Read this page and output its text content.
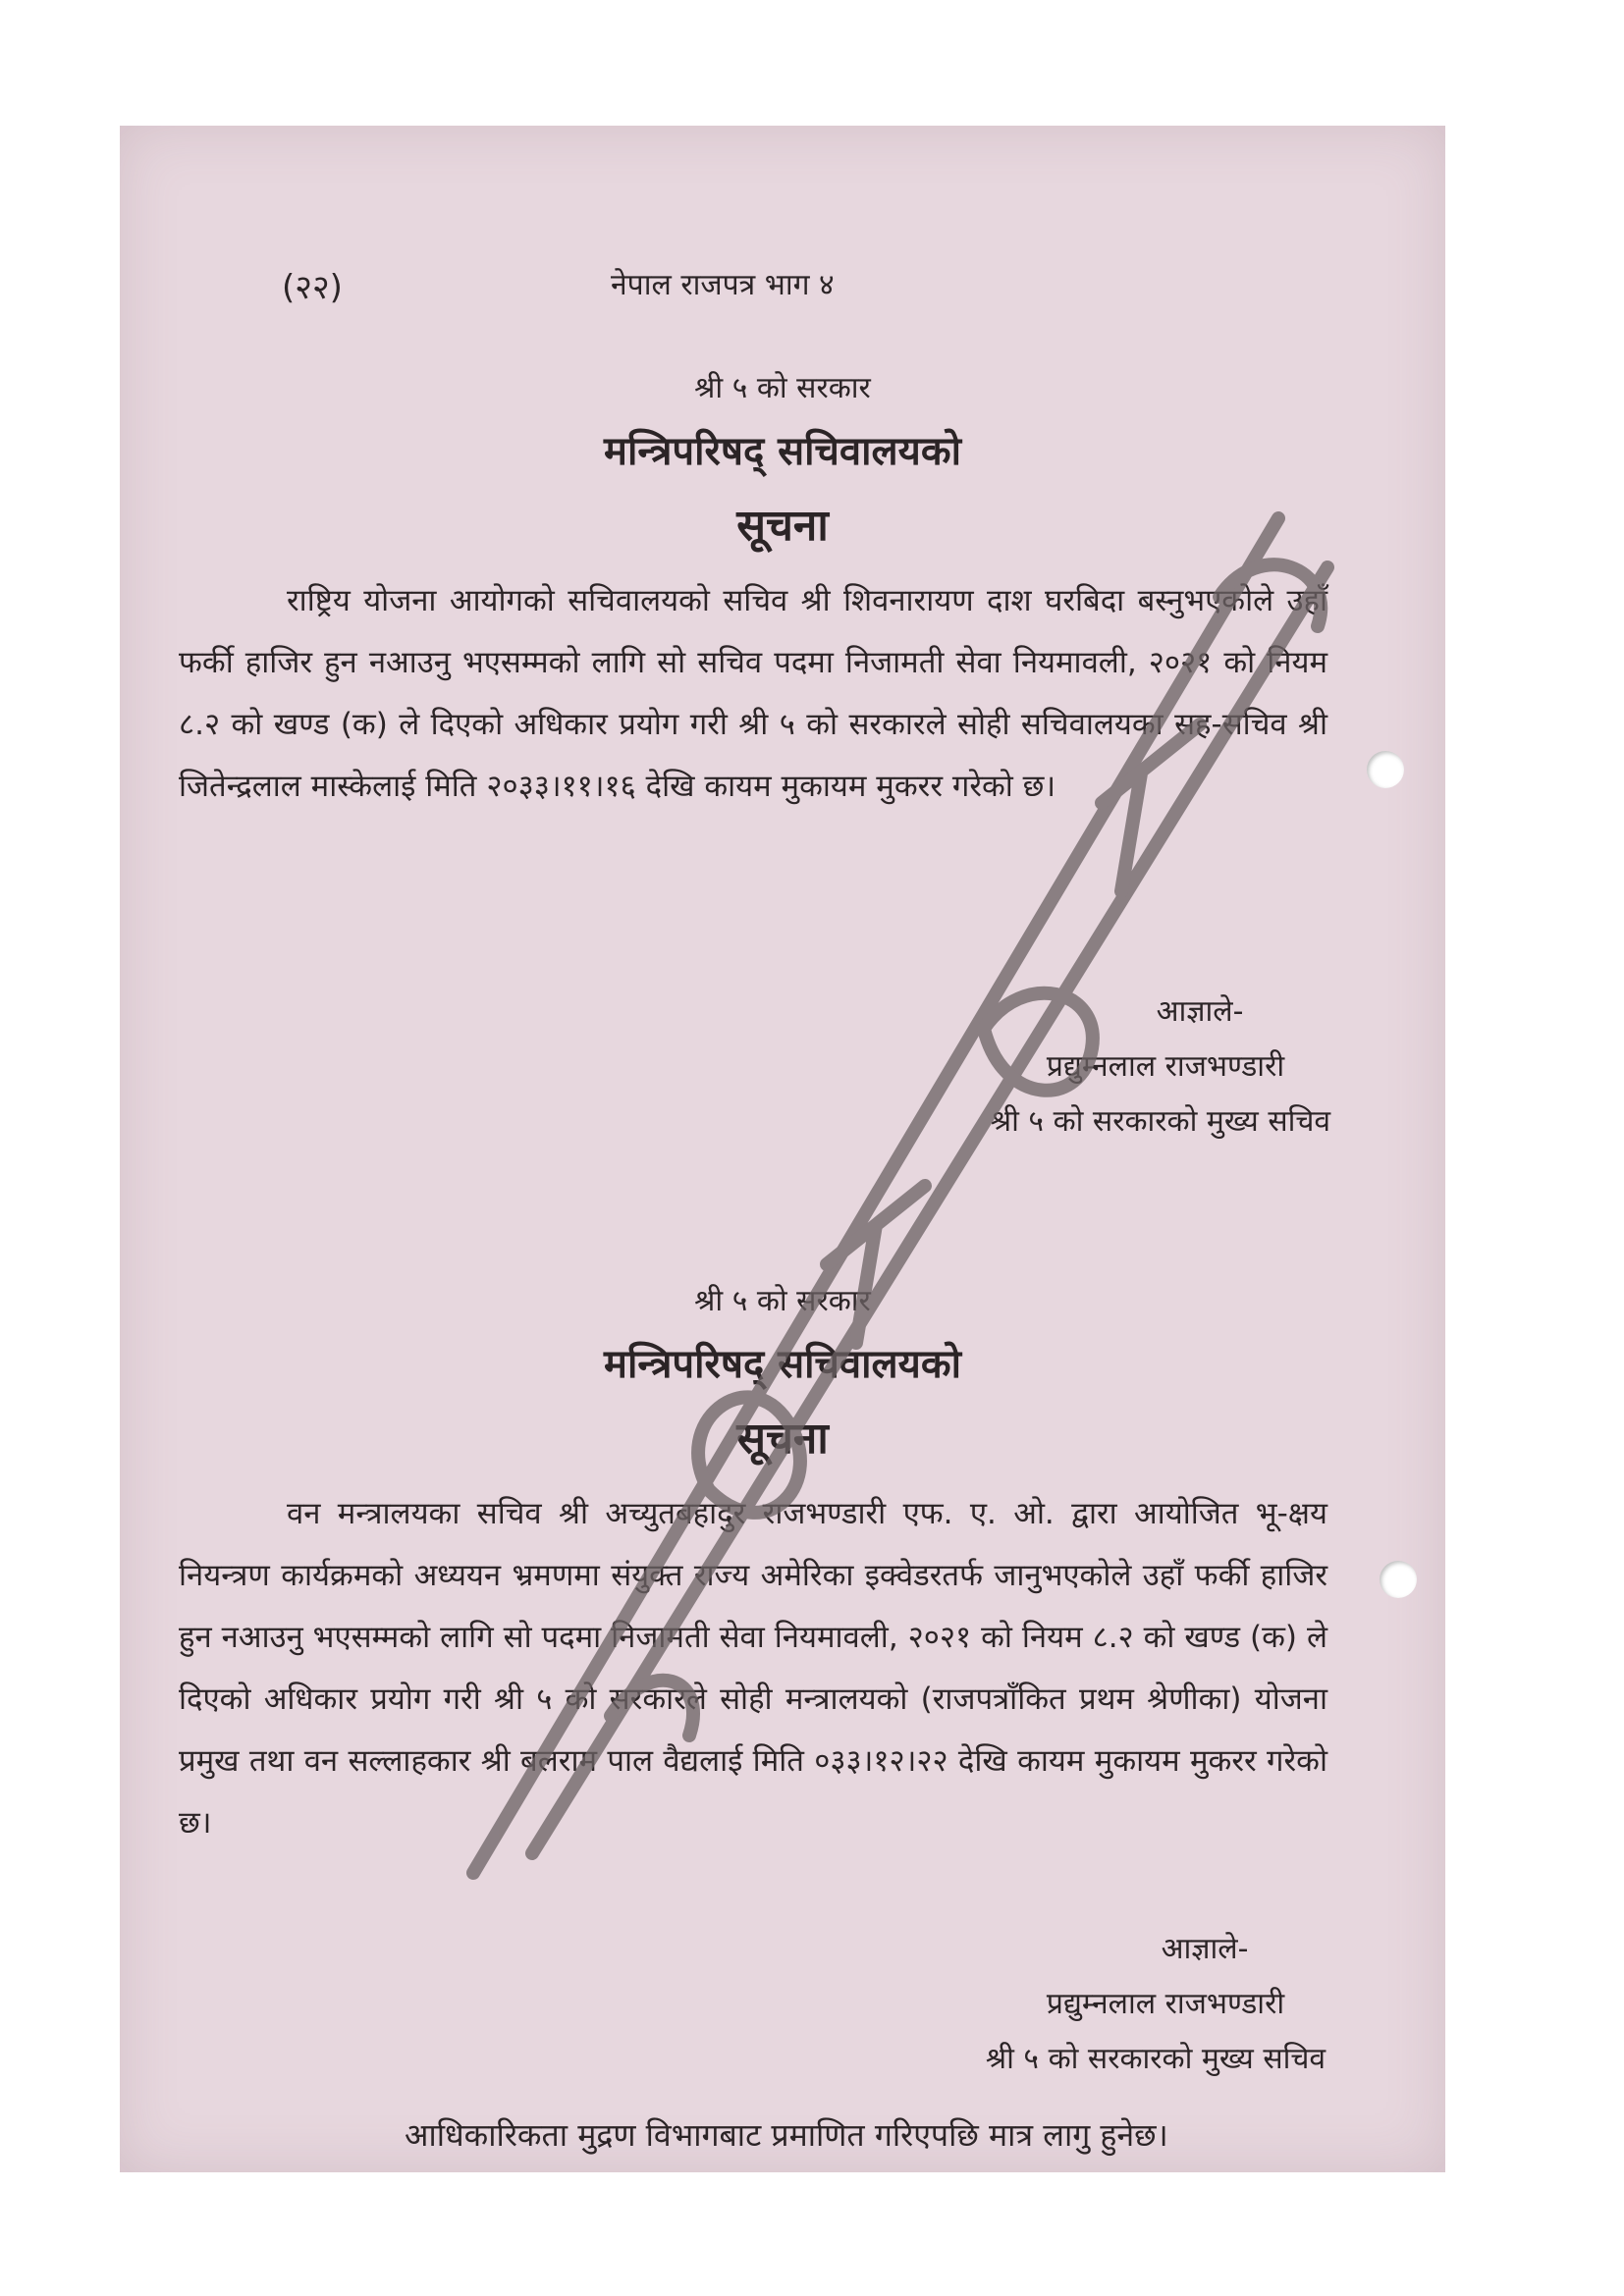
(२२)	नेपाल राजपत्र भाग ४

श्री ५ को सरकार

मन्त्रिपरिषद् सचिवालयको

सूचना

राष्ट्रिय योजना आयोगको सचिवालयको सचिव श्री शिवनारायण दाश घरबिदा बस्नुभएकोले उहाँ फर्की हाजिर हुन नआउनु भएसम्मको लागि सो सचिव पदमा निजामती सेवा नियमावली, २०२१ को नियम ८.२ को खण्ड (क) ले दिएको अधिकार प्रयोग गरी श्री ५ को सरकारले सोही सचिवालयका सह-सचिव श्री जितेन्द्रलाल मास्केलाई मिति २०३३।११।१६ देखि कायम मुकायम मुकरर गरेको छ।

आज्ञाले-
प्रद्युम्नलाल राजभण्डारी
श्री ५ को सरकारको मुख्य सचिव

श्री ५ को सरकार

मन्त्रिपरिषद् सचिवालयको

सूचना

वन मन्त्रालयका सचिव श्री अच्युतबहादुर राजभण्डारी एफ. ए. ओ. द्वारा आयोजित भू-क्षय नियन्त्रण कार्यक्रमको अध्ययन भ्रमणमा संयुक्त राज्य अमेरिका इक्वेडरतर्फ जानुभएकोले उहाँ फर्की हाजिर हुन नआउनु भएसम्मको लागि सो पदमा निजामती सेवा नियमावली, २०२१ को नियम ८.२ को खण्ड (क) ले दिएको अधिकार प्रयोग गरी श्री ५ को सरकारले सोही मन्त्रालयको (राजपत्राँकित प्रथम श्रेणीका) योजना प्रमुख तथा वन सल्लाहकार श्री बलराम पाल वैद्यलाई मिति ०३३।१२।२२ देखि कायम मुकायम मुकरर गरेको छ।

आज्ञाले-
प्रद्युम्नलाल राजभण्डारी
श्री ५ को सरकारको मुख्य सचिव
आधिकारिकता मुद्रण विभागबाट प्रमाणित गरिएपछि मात्र लागु हुनेछ।
